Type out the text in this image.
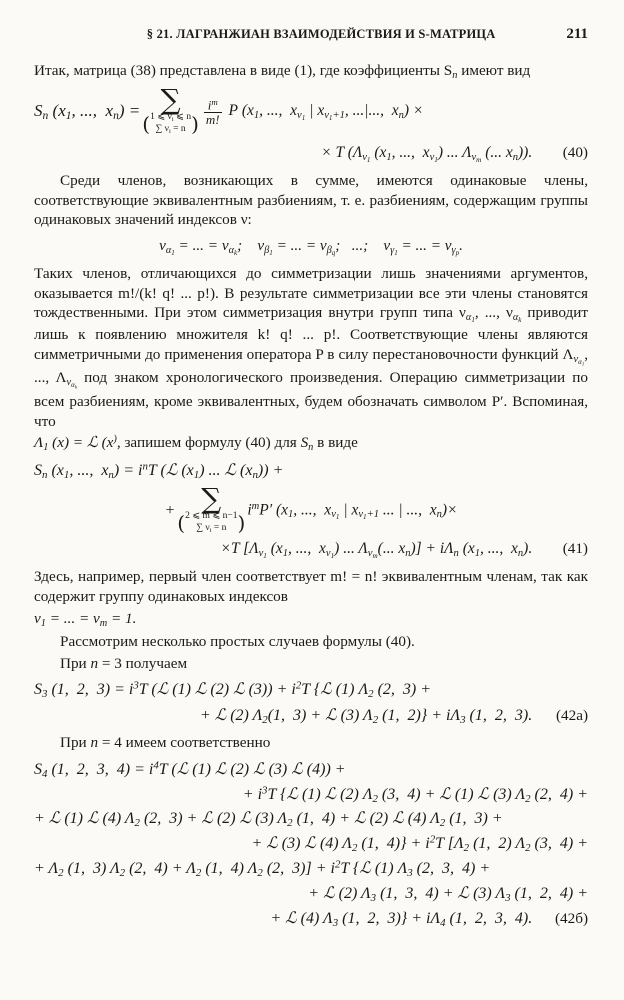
§ 21. ЛАГРАНЖИАН ВЗАИМОДЕЙСТВИЯ И S-МАТРИЦА	211

Итак, матрица (38) представлена в виде (1), где коэффициенты $S_n$ имеют вид

$S_n$ ($x_1$, ...,  $x_n$) = ∑
( 1 ⩽ $\nu_i$ ⩽ n
∑ $\nu_i = n$ ) $\frac{i^m}{m!}$ P ($x_1$, ...,  $x_{\nu_1}$ | $x_{\nu_1+1}$, ...|...,  $x_n$) ×
× T ($\Lambda_{\nu_1}$ ($x_1$, ...,  $x_{\nu_1}$) ... $\Lambda_{\nu_m}$ (... $x_n$)). (40)

Среди членов, возникающих в сумме, имеются одинаковые члены, соответствующие эквивалентным разбиениям, т. е. разбиениям, содержащим группы одинаковых значений индексов ν:

$\nu_{\alpha_1}$ = ... = $\nu_{\alpha_k}$;    $\nu_{\beta_1}$ = ... = $\nu_{\beta_q}$;   ...;    $\nu_{\gamma_1}$ = ... = $\nu_{\gamma_p}$.

Таких членов, отличающихся до симметризации лишь значениями аргументов, оказывается m!/(k! q! ... p!). В результате симметризации все эти члены становятся тождественными. При этом симметризация внутри групп типа $\nu_{\alpha_1}$, ..., $\nu_{\alpha_k}$ приводит лишь к появлению множителя k! q! ... p!. Соответствующие члены являются симметричными до применения оператора P в силу перестановочности функций $\Lambda_{\nu_{\alpha_1}}$, ..., $\Lambda_{\nu_{\alpha_k}}$ под знаком хронологического произведения. Операцию симметризации по всем разбиениям, кроме эквивалентных, будем обозначать символом P′. Вспоминая, что

$\Lambda_1$ (x) = ℒ (x), запишем формулу (40) для $S_n$ в виде

$S_n$ ($x_1$, ...,  $x_n) = i^nT$ (ℒ $(x_1)$ ... ℒ $(x_n)$) +
+ ∑
( 2 ⩽ m ⩽ n−1
∑ $\nu_i = n$ )
$i^mP'$ ($x_1$, ...,  $x_{\nu_1}$ | $x_{\nu_1+1}$ ... | ...,  $x_n)\times$
×T [$\Lambda_{\nu_1}$ ($x_1$, ...,  $x_{\nu_1}$) ... $\Lambda_{\nu_m}$(... $x_n)] + i\Lambda_n$ ($x_1$, ...,  $x_n$). (41)

Здесь, например, первый член соответствует m! = n! эквивалентным членам, так как содержит группу одинаковых индексов

$\nu_1$ = ... = $\nu_m = 1$.

Рассмотрим несколько простых случаев формулы (40).

При n = 3 получаем

$S_3$ (1,  2,  $3) = i^3T$ (ℒ (1) ℒ (2) ℒ $(3)) + i^2T$ {ℒ (1) $\Lambda_2$ (2,  3) +
+ ℒ (2) $\Lambda_2(1$,  3) + ℒ (3) $\Lambda_2$ (1,  $2)\} + i\Lambda_3$ (1,  2,  3). (42а)

При n = 4 имеем соответственно

$S_4$ (1,  2,  3,  $4) = i^4T$ (ℒ (1) ℒ (2) ℒ (3) ℒ (4)) +
+ $i^3T$ {ℒ (1) ℒ (2) $\Lambda_2$ (3,  4) + ℒ (1) ℒ (3) $\Lambda_2$ (2,  4) +
+ ℒ (1) ℒ (4) $\Lambda_2$ (2,  3) + ℒ (2) ℒ (3) $\Lambda_2$ (1,  4) + ℒ (2) ℒ (4) $\Lambda_2$ (1,  3) +
+ ℒ (3) ℒ (4) $\Lambda_2$ (1,  $4)\} + i^2T$ [$\Lambda_2$ (1,  2) $\Lambda_2$ (3,  4) +
+ $\Lambda_2$ (1,  3) $\Lambda_2$ (2,  $4) + \Lambda_2$ (1,  4) $\Lambda_2$ (2,  $3)] + i^2T$ {ℒ (1) $\Lambda_3$ (2,  3,  4) +
+ ℒ (2) $\Lambda_3$ (1,  3,  4) + ℒ (3) $\Lambda_3$ (1,  2,  4) +
+ ℒ (4) $\Lambda_3$ (1,  2,  $3)\} + i\Lambda_4$ (1,  2,  3,  4). (42б)
